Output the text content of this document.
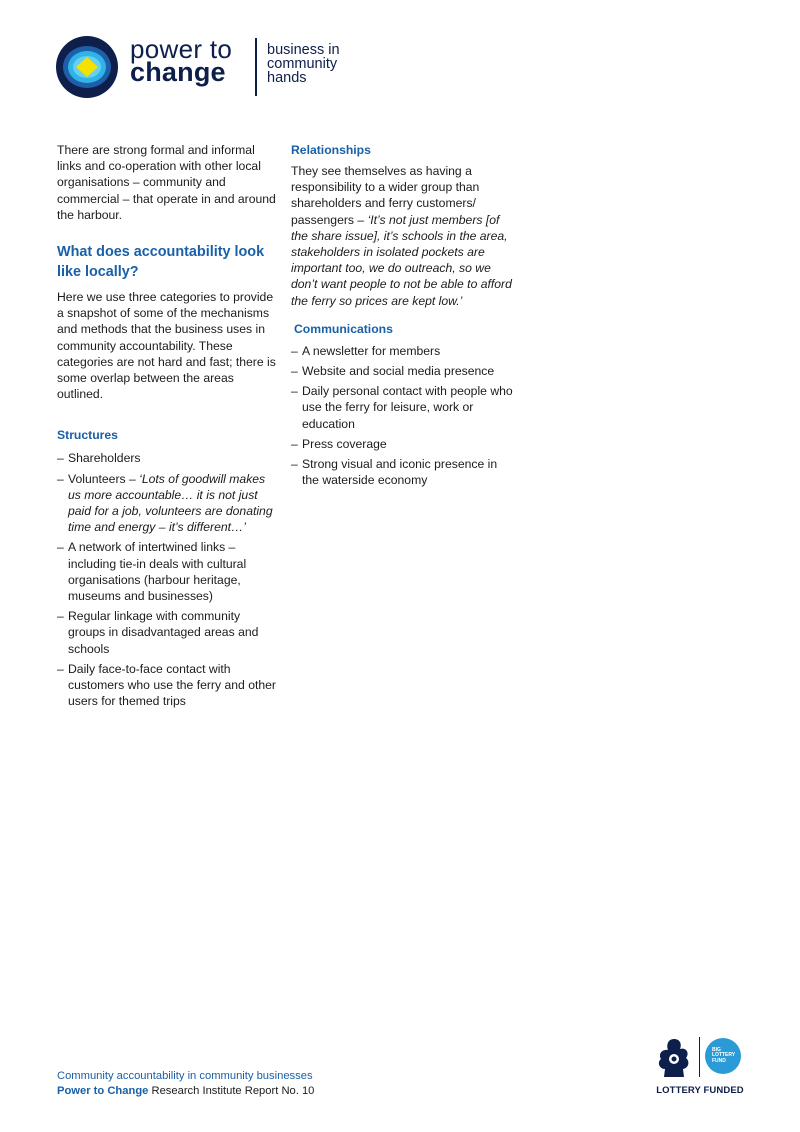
power to
change
business in
community
hands

There are strong formal and informal links and co-operation with other local organisations – community and commercial – that operate in and around the harbour.

What does accountability look like locally?

Here we use three categories to provide a snapshot of some of the mechanisms and methods that the business uses in community accountability. These categories are not hard and fast; there is some overlap between the areas outlined.

Structures
– Shareholders
– Volunteers – ‘Lots of goodwill makes us more accountable… it is not just paid for a job, volunteers are donating time and energy – it’s different…’
– A network of intertwined links – including tie-in deals with cultural organisations (harbour heritage, museums and businesses)
– Regular linkage with community groups in disadvantaged areas and schools
– Daily face-to-face contact with customers who use the ferry and other users for themed trips
Relationships

They see themselves as having a responsibility to a wider group than shareholders and ferry customers/ passengers – ‘It’s not just members [of the share issue], it’s schools in the area, stakeholders in isolated pockets are important too, we do outreach, so we don’t want people to not be able to afford the ferry so prices are kept low.’

Communications
– A newsletter for members
– Website and social media presence
– Daily personal contact with people who use the ferry for leisure, work or education
– Press coverage
– Strong visual and iconic presence in the waterside economy
Community accountability in community businesses
Power to Change Research Institute Report No. 10
BIG
LOTTERY
FUND
LOTTERY FUNDED
